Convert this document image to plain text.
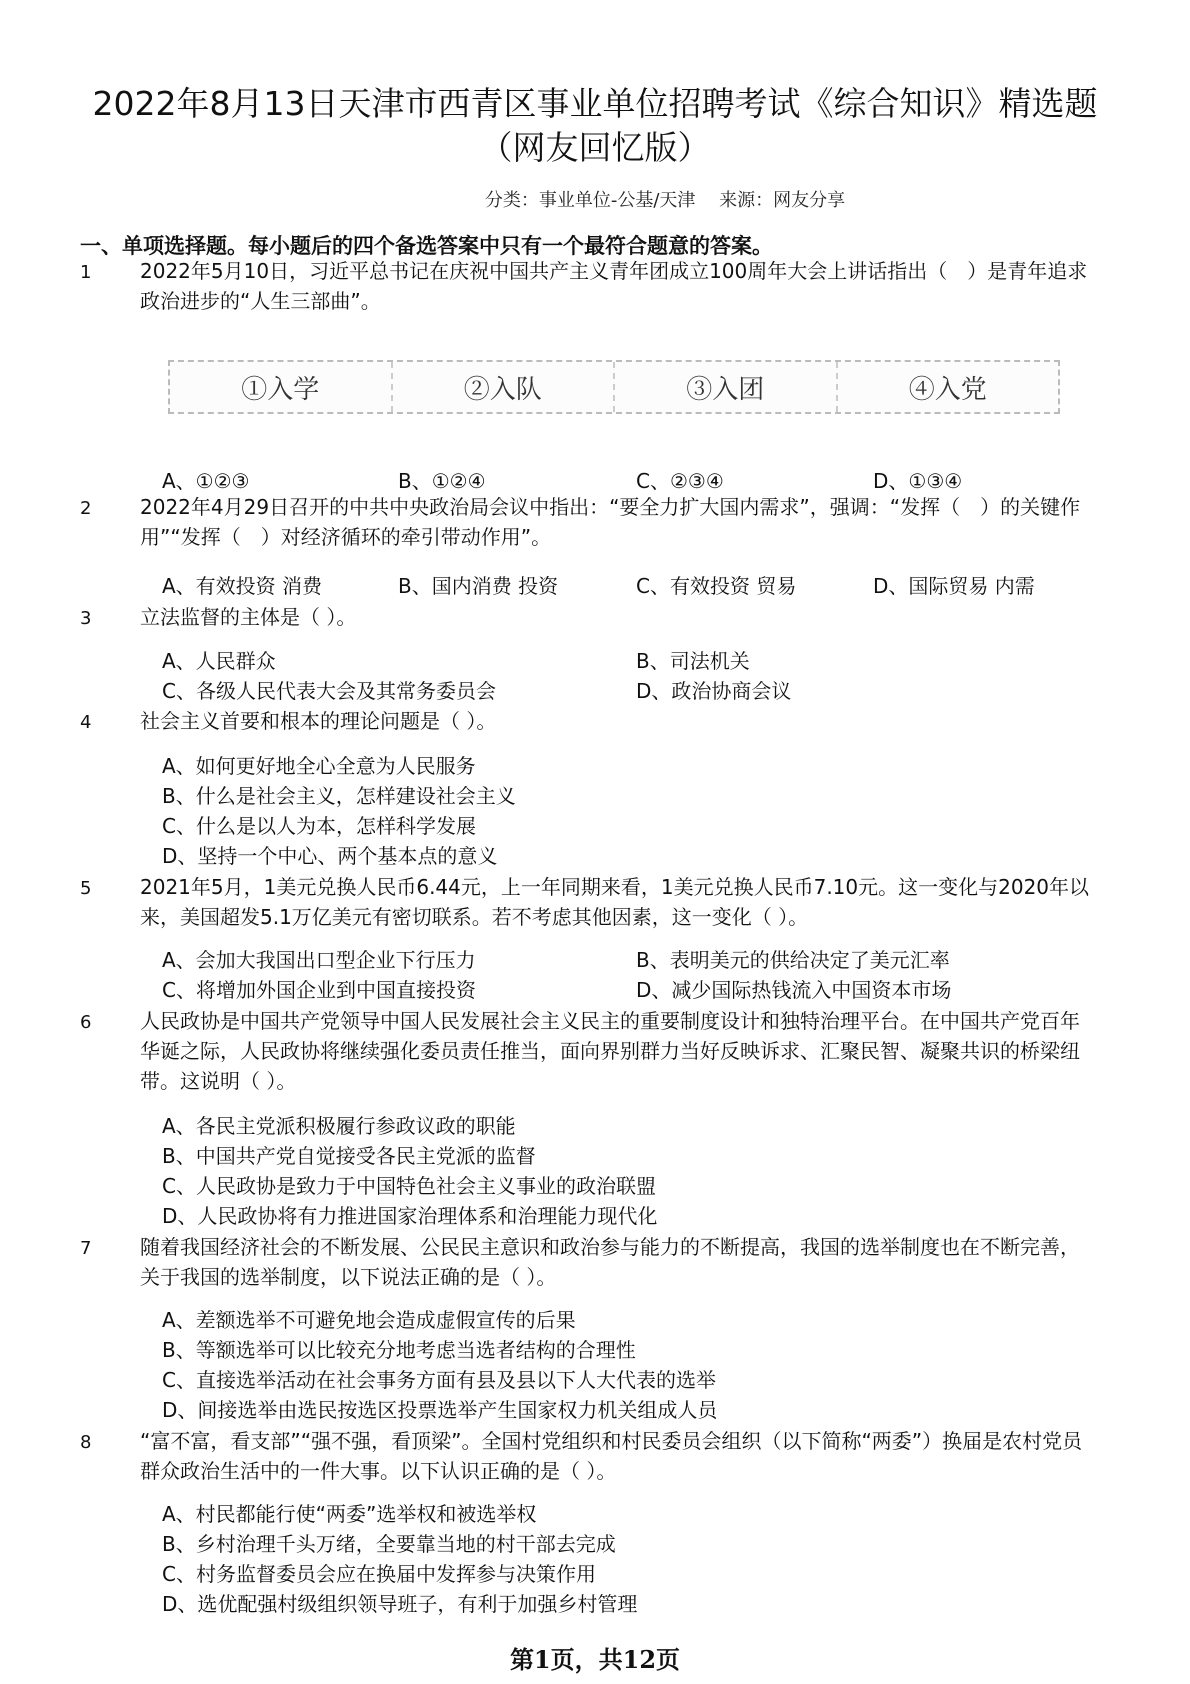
2022年8月13日天津市西青区事业单位招聘考试《综合知识》精选题（网友回忆版）
分类：事业单位-公基/天津 来源：网友分享
一、单项选择题。每小题后的四个备选答案中只有一个最符合题意的答案。
1 2022年5月10日，习近平总书记在庆祝中国共产主义青年团成立100周年大会上讲话指出（　）是青年追求政治进步的“人生三部曲”。
①入学	②入队	③入团	④入党
A、①②③	B、①②④	C、②③④	D、①③④
2 2022年4月29日召开的中共中央政治局会议中指出：“要全力扩大国内需求”，强调：“发挥（　）的关键作用”“发挥（　）对经济循环的牵引带动作用”。
A、有效投资 消费	B、国内消费 投资	C、有效投资 贸易	D、国际贸易 内需
3 立法监督的主体是（ ）。
A、人民群众	B、司法机关
C、各级人民代表大会及其常务委员会	D、政治协商会议
4 社会主义首要和根本的理论问题是（ ）。
A、如何更好地全心全意为人民服务
B、什么是社会主义，怎样建设社会主义
C、什么是以人为本，怎样科学发展
D、坚持一个中心、两个基本点的意义
5 2021年5月，1美元兑换人民币6.44元，上一年同期来看，1美元兑换人民币7.10元。这一变化与2020年以来，美国超发5.1万亿美元有密切联系。若不考虑其他因素，这一变化（ ）。
A、会加大我国出口型企业下行压力	B、表明美元的供给决定了美元汇率
C、将增加外国企业到中国直接投资	D、减少国际热钱流入中国资本市场
6 人民政协是中国共产党领导中国人民发展社会主义民主的重要制度设计和独特治理平台。在中国共产党百年华诞之际，人民政协将继续强化委员责任推当，面向界别群力当好反映诉求、汇聚民智、凝聚共识的桥梁纽带。这说明（ ）。
A、各民主党派积极履行参政议政的职能
B、中国共产党自觉接受各民主党派的监督
C、人民政协是致力于中国特色社会主义事业的政治联盟
D、人民政协将有力推进国家治理体系和治理能力现代化
7 随着我国经济社会的不断发展、公民民主意识和政治参与能力的不断提高，我国的选举制度也在不断完善，关于我国的选举制度，以下说法正确的是（ ）。
A、差额选举不可避免地会造成虚假宣传的后果
B、等额选举可以比较充分地考虑当选者结构的合理性
C、直接选举活动在社会事务方面有县及县以下人大代表的选举
D、间接选举由选民按选区投票选举产生国家权力机关组成人员
8 “富不富，看支部”“强不强，看顶梁”。全国村党组织和村民委员会组织（以下简称“两委”）换届是农村党员群众政治生活中的一件大事。以下认识正确的是（ ）。
A、村民都能行使“两委”选举权和被选举权
B、乡村治理千头万绪，全要靠当地的村干部去完成
C、村务监督委员会应在换届中发挥参与决策作用
D、选优配强村级组织领导班子，有利于加强乡村管理
第1页，共12页
